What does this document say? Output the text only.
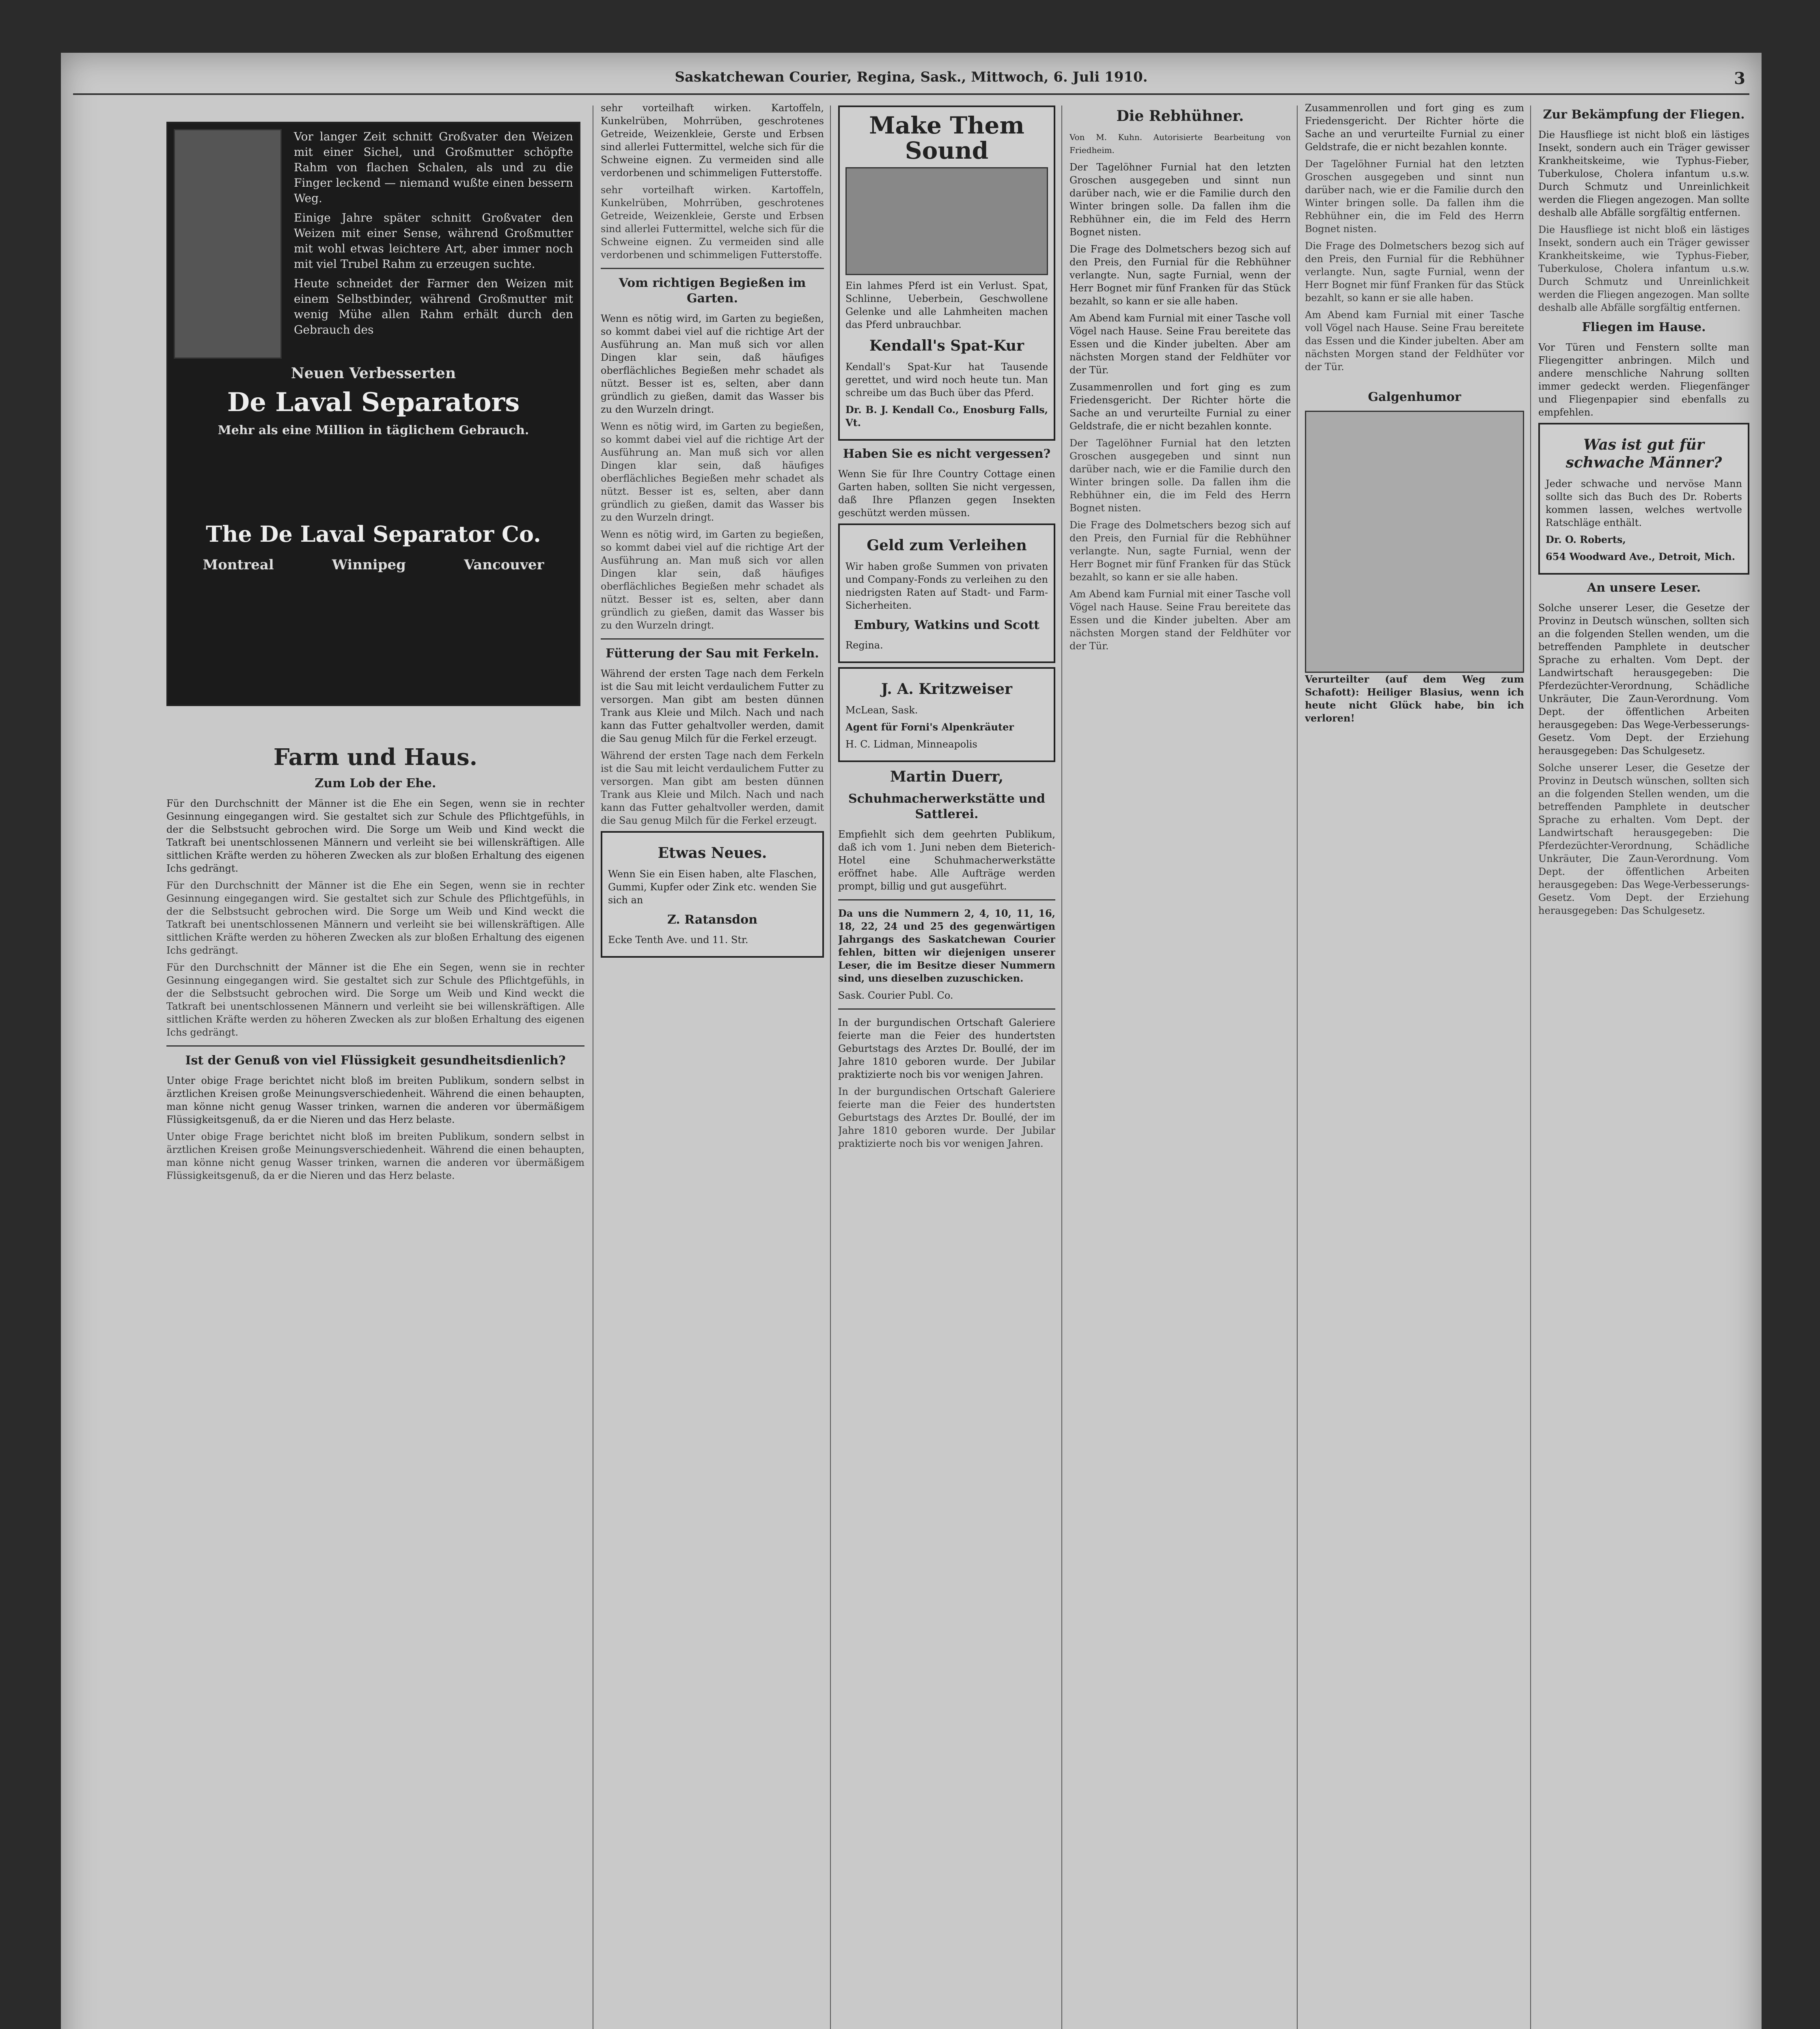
Saskatchewan Courier, Regina, Sask., Mittwoch, 6. Juli 1910.	3

Vor langer Zeit schnitt Großvater den Weizen mit einer Sichel, und Großmutter schöpfte Rahm von flachen Schalen, als und zu die Finger leckend — niemand wußte einen bessern Weg.

Einige Jahre später schnitt Großvater den Weizen mit einer Sense, während Großmutter mit wohl etwas leichtere Art, aber immer noch mit viel Trubel Rahm zu erzeugen suchte.

Heute schneidet der Farmer den Weizen mit einem Selbstbinder, während Großmutter mit wenig Mühe allen Rahm erhält durch den Gebrauch des

Neuen Verbesserten
De Laval Separators
Mehr als eine Million in täglichem Gebrauch.
The De Laval Separator Co.
Montreal	Winnipeg	Vancouver
Farm und Haus.
Zum Lob der Ehe.

Für den Durchschnitt der Männer ist die Ehe ein Segen, wenn sie in rechter Gesinnung eingegangen wird. Sie gestaltet sich zur Schule des Pflichtgefühls, in der die Selbstsucht gebrochen wird. Die Sorge um Weib und Kind weckt die Tatkraft bei unentschlossenen Männern und verleiht sie bei willenskräftigen. Alle sittlichen Kräfte werden zu höheren Zwecken als zur bloßen Erhaltung des eigenen Ichs gedrängt.

Für den Durchschnitt der Männer ist die Ehe ein Segen, wenn sie in rechter Gesinnung eingegangen wird. Sie gestaltet sich zur Schule des Pflichtgefühls, in der die Selbstsucht gebrochen wird. Die Sorge um Weib und Kind weckt die Tatkraft bei unentschlossenen Männern und verleiht sie bei willenskräftigen. Alle sittlichen Kräfte werden zu höheren Zwecken als zur bloßen Erhaltung des eigenen Ichs gedrängt.

Für den Durchschnitt der Männer ist die Ehe ein Segen, wenn sie in rechter Gesinnung eingegangen wird. Sie gestaltet sich zur Schule des Pflichtgefühls, in der die Selbstsucht gebrochen wird. Die Sorge um Weib und Kind weckt die Tatkraft bei unentschlossenen Männern und verleiht sie bei willenskräftigen. Alle sittlichen Kräfte werden zu höheren Zwecken als zur bloßen Erhaltung des eigenen Ichs gedrängt.

Ist der Genuß von viel Flüssigkeit gesundheitsdienlich?

Unter obige Frage berichtet nicht bloß im breiten Publikum, sondern selbst in ärztlichen Kreisen große Meinungsverschiedenheit. Während die einen behaupten, man könne nicht genug Wasser trinken, warnen die anderen vor übermäßigem Flüssigkeitsgenuß, da er die Nieren und das Herz belaste.

Unter obige Frage berichtet nicht bloß im breiten Publikum, sondern selbst in ärztlichen Kreisen große Meinungsverschiedenheit. Während die einen behaupten, man könne nicht genug Wasser trinken, warnen die anderen vor übermäßigem Flüssigkeitsgenuß, da er die Nieren und das Herz belaste.

sehr vorteilhaft wirken. Kartoffeln, Kunkelrüben, Mohrrüben, geschrotenes Getreide, Weizenkleie, Gerste und Erbsen sind allerlei Futtermittel, welche sich für die Schweine eignen. Zu vermeiden sind alle verdorbenen und schimmeligen Futterstoffe.

sehr vorteilhaft wirken. Kartoffeln, Kunkelrüben, Mohrrüben, geschrotenes Getreide, Weizenkleie, Gerste und Erbsen sind allerlei Futtermittel, welche sich für die Schweine eignen. Zu vermeiden sind alle verdorbenen und schimmeligen Futterstoffe.

Vom richtigen Begießen im Garten.

Wenn es nötig wird, im Garten zu begießen, so kommt dabei viel auf die richtige Art der Ausführung an. Man muß sich vor allen Dingen klar sein, daß häufiges oberflächliches Begießen mehr schadet als nützt. Besser ist es, selten, aber dann gründlich zu gießen, damit das Wasser bis zu den Wurzeln dringt.

Wenn es nötig wird, im Garten zu begießen, so kommt dabei viel auf die richtige Art der Ausführung an. Man muß sich vor allen Dingen klar sein, daß häufiges oberflächliches Begießen mehr schadet als nützt. Besser ist es, selten, aber dann gründlich zu gießen, damit das Wasser bis zu den Wurzeln dringt.

Wenn es nötig wird, im Garten zu begießen, so kommt dabei viel auf die richtige Art der Ausführung an. Man muß sich vor allen Dingen klar sein, daß häufiges oberflächliches Begießen mehr schadet als nützt. Besser ist es, selten, aber dann gründlich zu gießen, damit das Wasser bis zu den Wurzeln dringt.

Fütterung der Sau mit Ferkeln.

Während der ersten Tage nach dem Ferkeln ist die Sau mit leicht verdaulichem Futter zu versorgen. Man gibt am besten dünnen Trank aus Kleie und Milch. Nach und nach kann das Futter gehaltvoller werden, damit die Sau genug Milch für die Ferkel erzeugt.

Während der ersten Tage nach dem Ferkeln ist die Sau mit leicht verdaulichem Futter zu versorgen. Man gibt am besten dünnen Trank aus Kleie und Milch. Nach und nach kann das Futter gehaltvoller werden, damit die Sau genug Milch für die Ferkel erzeugt.

Etwas Neues.

Wenn Sie ein Eisen haben, alte Flaschen, Gummi, Kupfer oder Zink etc. wenden Sie sich an

Z. Ratansdon

Ecke Tenth Ave. und 11. Str.

Make Them Sound

Ein lahmes Pferd ist ein Verlust. Spat, Schlinne, Ueberbein, Geschwollene Gelenke und alle Lahmheiten machen das Pferd unbrauchbar.

Kendall's Spat-Kur

Kendall's Spat-Kur hat Tausende gerettet, und wird noch heute tun. Man schreibe um das Buch über das Pferd.

Dr. B. J. Kendall Co., Enosburg Falls, Vt.

Haben Sie es nicht vergessen?

Wenn Sie für Ihre Country Cottage einen Garten haben, sollten Sie nicht vergessen, daß Ihre Pflanzen gegen Insekten geschützt werden müssen.

Geld zum Verleihen

Wir haben große Summen von privaten und Company-Fonds zu verleihen zu den niedrigsten Raten auf Stadt- und Farm-Sicherheiten.

Embury, Watkins und Scott

Regina.

J. A. Kritzweiser

McLean, Sask.

Agent für Forni's Alpenkräuter

H. C. Lidman, Minneapolis

Martin Duerr,
Schuhmacherwerkstätte und Sattlerei.

Empfiehlt sich dem geehrten Publikum, daß ich vom 1. Juni neben dem Bieterich-Hotel eine Schuhmacherwerkstätte eröffnet habe. Alle Aufträge werden prompt, billig und gut ausgeführt.

Da uns die Nummern 2, 4, 10, 11, 16, 18, 22, 24 und 25 des gegenwärtigen Jahrgangs des Saskatchewan Courier fehlen, bitten wir diejenigen unserer Leser, die im Besitze dieser Nummern sind, uns dieselben zuzuschicken.

Sask. Courier Publ. Co.

In der burgundischen Ortschaft Galeriere feierte man die Feier des hundertsten Geburtstags des Arztes Dr. Boullé, der im Jahre 1810 geboren wurde. Der Jubilar praktizierte noch bis vor wenigen Jahren.

In der burgundischen Ortschaft Galeriere feierte man die Feier des hundertsten Geburtstags des Arztes Dr. Boullé, der im Jahre 1810 geboren wurde. Der Jubilar praktizierte noch bis vor wenigen Jahren.

Die Rebhühner.

Von M. Kuhn. Autorisierte Bearbeitung von Friedheim.

Der Tagelöhner Furnial hat den letzten Groschen ausgegeben und sinnt nun darüber nach, wie er die Familie durch den Winter bringen solle. Da fallen ihm die Rebhühner ein, die im Feld des Herrn Bognet nisten.

Die Frage des Dolmetschers bezog sich auf den Preis, den Furnial für die Rebhühner verlangte. Nun, sagte Furnial, wenn der Herr Bognet mir fünf Franken für das Stück bezahlt, so kann er sie alle haben.

Am Abend kam Furnial mit einer Tasche voll Vögel nach Hause. Seine Frau bereitete das Essen und die Kinder jubelten. Aber am nächsten Morgen stand der Feldhüter vor der Tür.

Zusammenrollen und fort ging es zum Friedensgericht. Der Richter hörte die Sache an und verurteilte Furnial zu einer Geldstrafe, die er nicht bezahlen konnte.

Der Tagelöhner Furnial hat den letzten Groschen ausgegeben und sinnt nun darüber nach, wie er die Familie durch den Winter bringen solle. Da fallen ihm die Rebhühner ein, die im Feld des Herrn Bognet nisten.

Die Frage des Dolmetschers bezog sich auf den Preis, den Furnial für die Rebhühner verlangte. Nun, sagte Furnial, wenn der Herr Bognet mir fünf Franken für das Stück bezahlt, so kann er sie alle haben.

Am Abend kam Furnial mit einer Tasche voll Vögel nach Hause. Seine Frau bereitete das Essen und die Kinder jubelten. Aber am nächsten Morgen stand der Feldhüter vor der Tür.

Zusammenrollen und fort ging es zum Friedensgericht. Der Richter hörte die Sache an und verurteilte Furnial zu einer Geldstrafe, die er nicht bezahlen konnte.

Der Tagelöhner Furnial hat den letzten Groschen ausgegeben und sinnt nun darüber nach, wie er die Familie durch den Winter bringen solle. Da fallen ihm die Rebhühner ein, die im Feld des Herrn Bognet nisten.

Die Frage des Dolmetschers bezog sich auf den Preis, den Furnial für die Rebhühner verlangte. Nun, sagte Furnial, wenn der Herr Bognet mir fünf Franken für das Stück bezahlt, so kann er sie alle haben.

Am Abend kam Furnial mit einer Tasche voll Vögel nach Hause. Seine Frau bereitete das Essen und die Kinder jubelten. Aber am nächsten Morgen stand der Feldhüter vor der Tür.

Galgenhumor

Verurteilter (auf dem Weg zum Schafott): Heiliger Blasius, wenn ich heute nicht Glück habe, bin ich verloren!

Zur Bekämpfung der Fliegen.

Die Hausfliege ist nicht bloß ein lästiges Insekt, sondern auch ein Träger gewisser Krankheitskeime, wie Typhus-Fieber, Tuberkulose, Cholera infantum u.s.w. Durch Schmutz und Unreinlichkeit werden die Fliegen angezogen. Man sollte deshalb alle Abfälle sorgfältig entfernen.

Die Hausfliege ist nicht bloß ein lästiges Insekt, sondern auch ein Träger gewisser Krankheitskeime, wie Typhus-Fieber, Tuberkulose, Cholera infantum u.s.w. Durch Schmutz und Unreinlichkeit werden die Fliegen angezogen. Man sollte deshalb alle Abfälle sorgfältig entfernen.

Fliegen im Hause.

Vor Türen und Fenstern sollte man Fliegengitter anbringen. Milch und andere menschliche Nahrung sollten immer gedeckt werden. Fliegenfänger und Fliegenpapier sind ebenfalls zu empfehlen.

Was ist gut für schwache Männer?

Jeder schwache und nervöse Mann sollte sich das Buch des Dr. Roberts kommen lassen, welches wertvolle Ratschläge enthält.

Dr. O. Roberts,

654 Woodward Ave., Detroit, Mich.

An unsere Leser.

Solche unserer Leser, die Gesetze der Provinz in Deutsch wünschen, sollten sich an die folgenden Stellen wenden, um die betreffenden Pamphlete in deutscher Sprache zu erhalten. Vom Dept. der Landwirtschaft herausgegeben: Die Pferdezüchter-Verordnung, Schädliche Unkräuter, Die Zaun-Verordnung. Vom Dept. der öffentlichen Arbeiten herausgegeben: Das Wege-Verbesserungs-Gesetz. Vom Dept. der Erziehung herausgegeben: Das Schulgesetz.

Solche unserer Leser, die Gesetze der Provinz in Deutsch wünschen, sollten sich an die folgenden Stellen wenden, um die betreffenden Pamphlete in deutscher Sprache zu erhalten. Vom Dept. der Landwirtschaft herausgegeben: Die Pferdezüchter-Verordnung, Schädliche Unkräuter, Die Zaun-Verordnung. Vom Dept. der öffentlichen Arbeiten herausgegeben: Das Wege-Verbesserungs-Gesetz. Vom Dept. der Erziehung herausgegeben: Das Schulgesetz.
